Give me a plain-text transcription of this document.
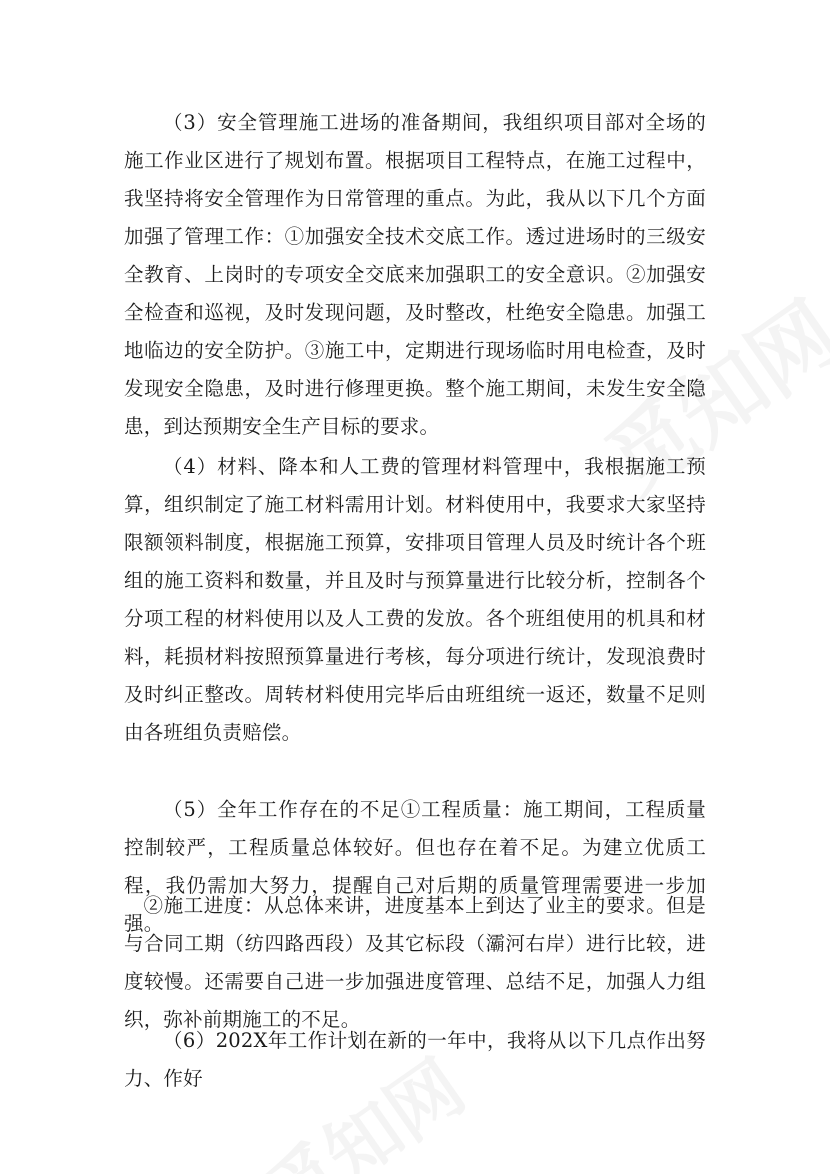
（3）安全管理施工进场的准备期间，我组织项目部对全场的施工作业区进行了规划布置。根据项目工程特点，在施工过程中，我坚持将安全管理作为日常管理的重点。为此，我从以下几个方面加强了管理工作：①加强安全技术交底工作。透过进场时的三级安全教育、上岗时的专项安全交底来加强职工的安全意识。②加强安全检查和巡视，及时发现问题，及时整改，杜绝安全隐患。加强工地临边的安全防护。③施工中，定期进行现场临时用电检查，及时发现安全隐患，及时进行修理更换。整个施工期间，未发生安全隐患，到达预期安全生产目标的要求。

（4）材料、降本和人工费的管理材料管理中，我根据施工预算，组织制定了施工材料需用计划。材料使用中，我要求大家坚持限额领料制度，根据施工预算，安排项目管理人员及时统计各个班组的施工资料和数量，并且及时与预算量进行比较分析，控制各个分项工程的材料使用以及人工费的发放。各个班组使用的机具和材料，耗损材料按照预算量进行考核，每分项进行统计，发现浪费时及时纠正整改。周转材料使用完毕后由班组统一返还，数量不足则由各班组负责赔偿。

（5）全年工作存在的不足①工程质量：施工期间，工程质量控制较严，工程质量总体较好。但也存在着不足。为建立优质工程，我仍需加大努力，提醒自己对后期的质量管理需要进一步加强。

②施工进度：从总体来讲，进度基本上到达了业主的要求。但是与合同工期（纺四路西段）及其它标段（灞河右岸）进行比较，进度较慢。还需要自己进一步加强进度管理、总结不足，加强人力组织，弥补前期施工的不足。

（6）202X年工作计划在新的一年中，我将从以下几点作出努力、作好
